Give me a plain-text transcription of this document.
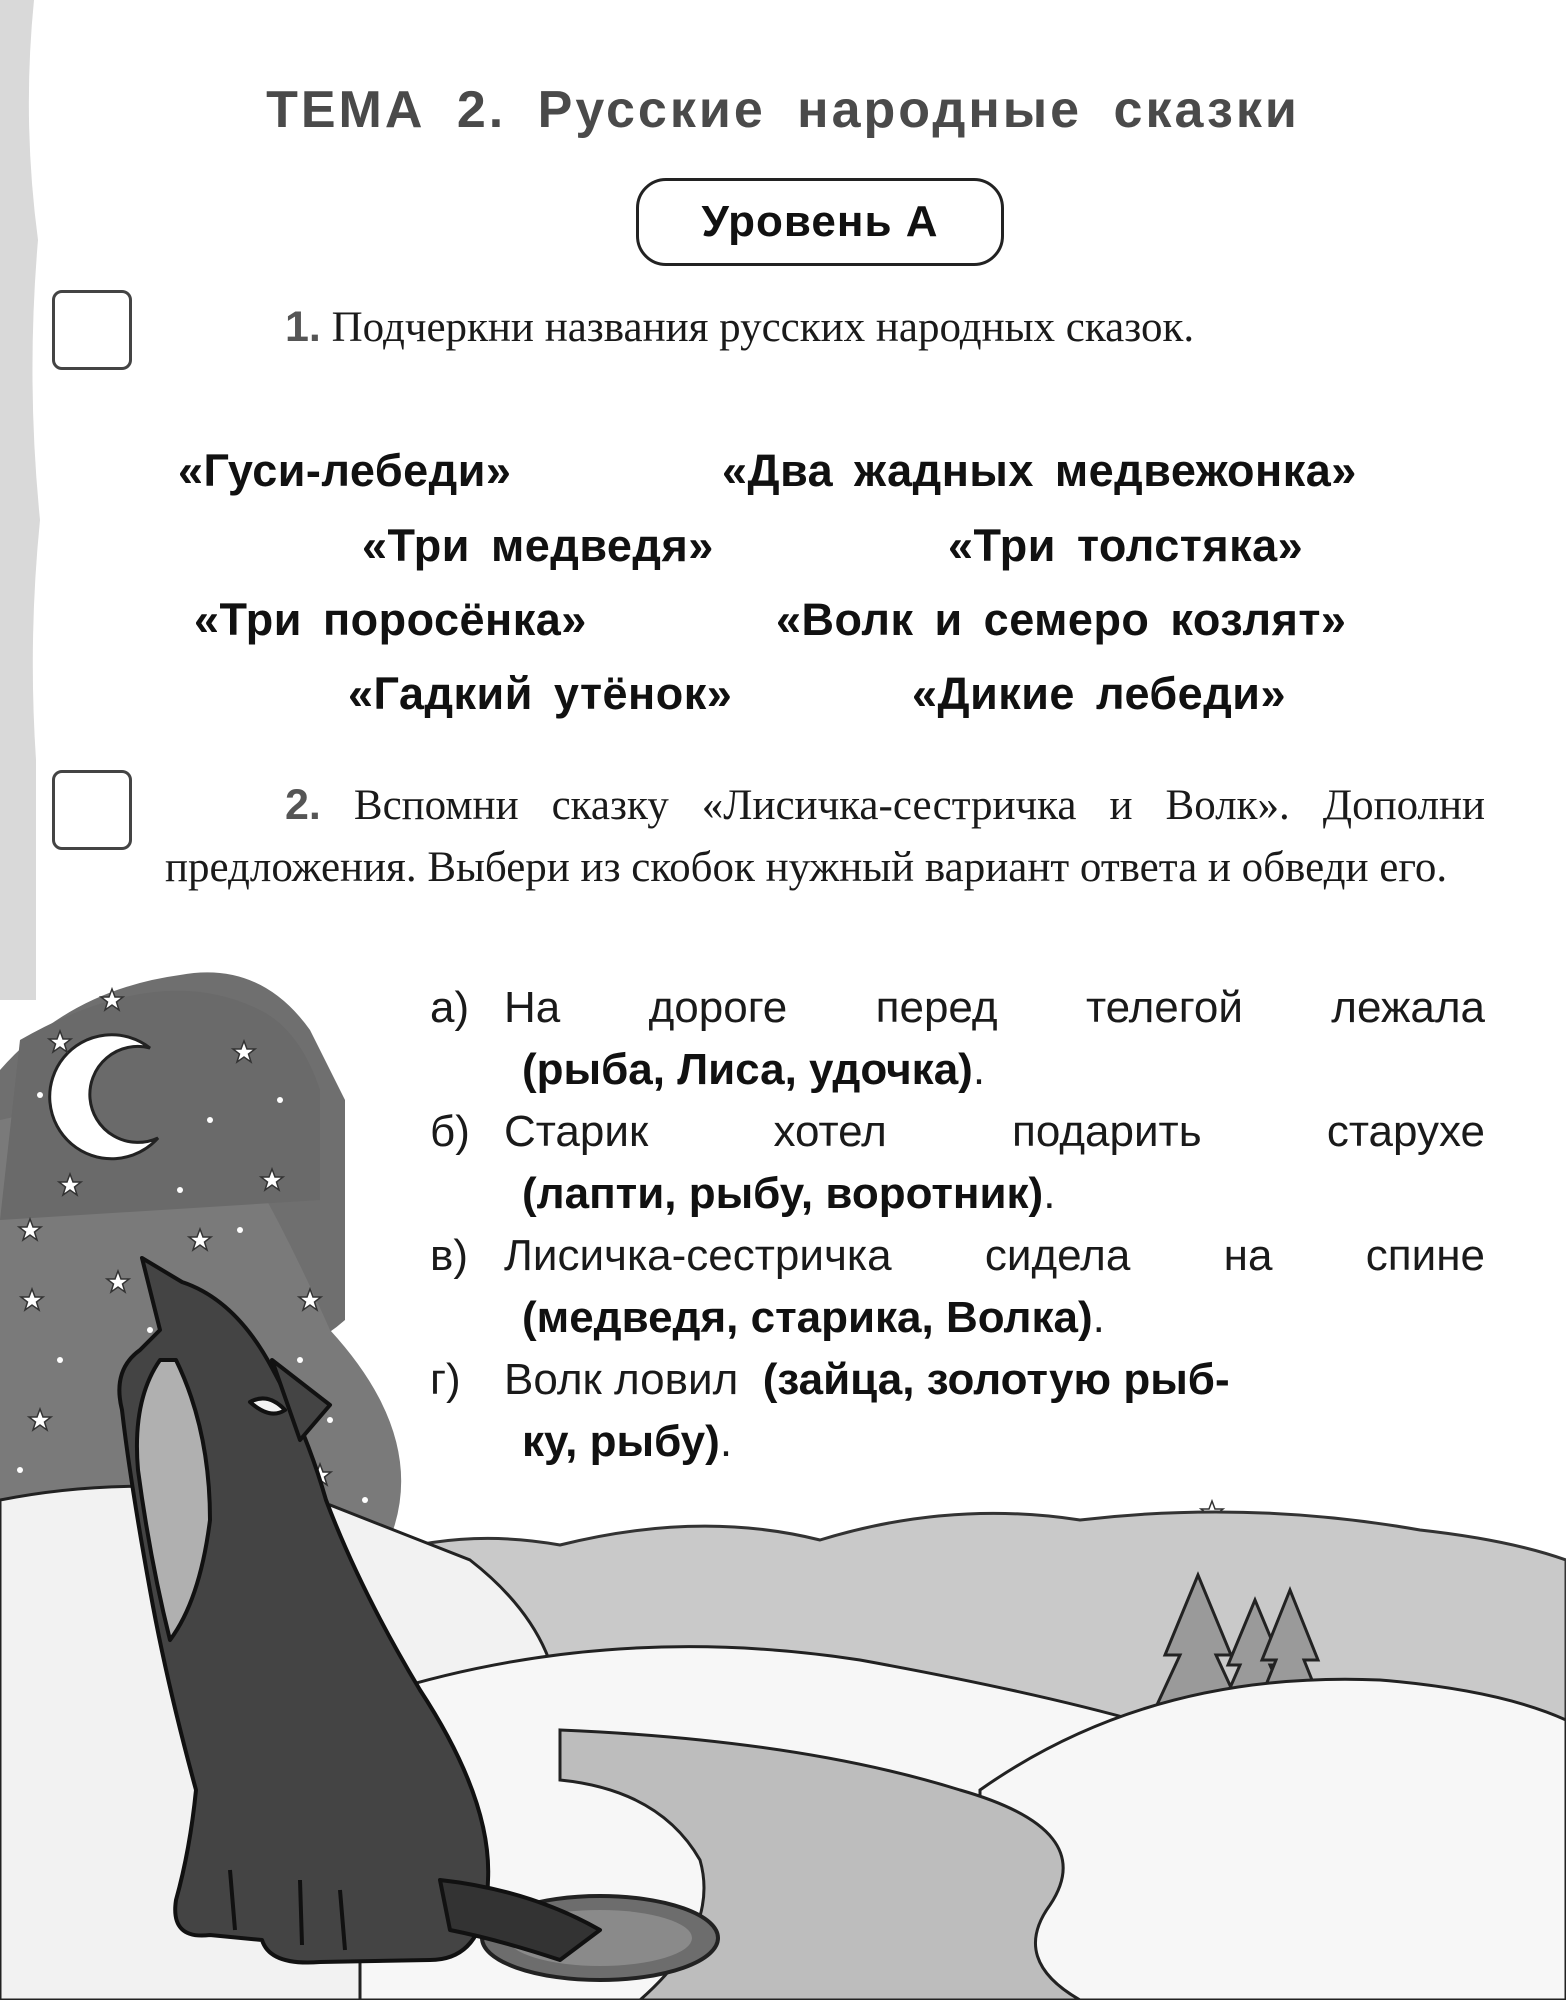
ТЕМА 2. Русские народные сказки
Уровень А

1. Подчеркни названия русских народных сказок.

«Гуси-лебеди»	«Два жадных медвежонка»
«Три медведя»	«Три толстяка»
«Три поросёнка»	«Волк и семеро козлят»
«Гадкий утёнок»	«Дикие лебеди»

2. Вспомни сказку «Лисичка-сестричка и Волк». Дополни предложения. Выбери из скобок нужный вариант ответа и обведи его.

а) На дороге перед телегой лежала
(рыба, Лиса, удочка).
б) Старик	хотел	подарить	старухе
(лапти, рыбу, воротник).
в) Лисичка-сестричка сидела на спине
(медведя, старика, Волка).
г) Волк ловил
(зайца, золотую рыб-
ку, рыбу).
